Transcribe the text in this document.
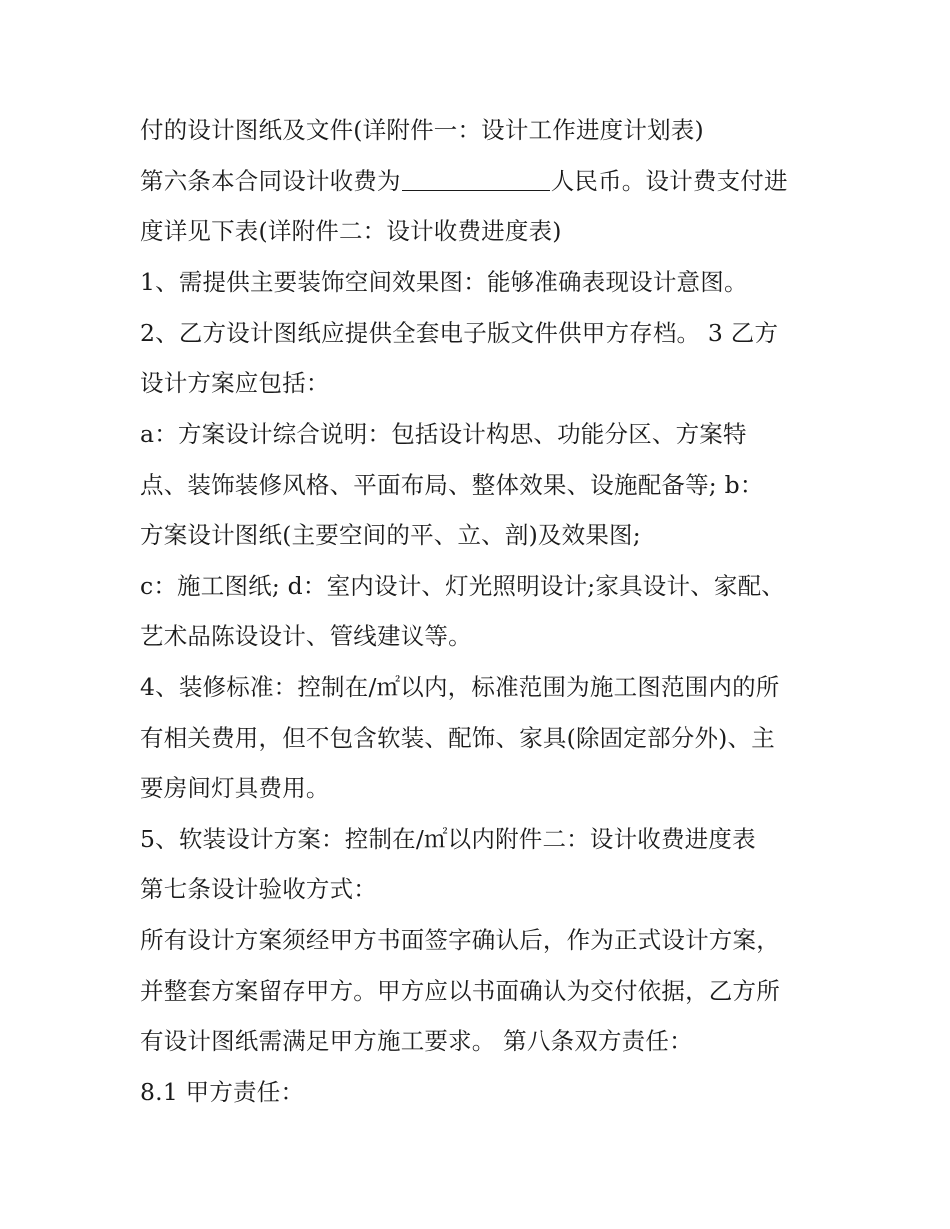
付的设计图纸及文件(详附件一：设计工作进度计划表)
第六条本合同设计收费为	人民币。设计费支付进
度详见下表(详附件二：设计收费进度表)
1、需提供主要装饰空间效果图：能够准确表现设计意图。
2、乙方设计图纸应提供全套电子版文件供甲方存档。 3 乙方
设计方案应包括：
a：方案设计综合说明：包括设计构思、功能分区、方案特
点、装饰装修风格、平面布局、整体效果、设施配备等; b：
方案设计图纸(主要空间的平、立、剖)及效果图;
c：施工图纸; d：室内设计、灯光照明设计;家具设计、家配、
艺术品陈设设计、管线建议等。
4、装修标准：控制在/㎡以内，标准范围为施工图范围内的所
有相关费用，但不包含软装、配饰、家具(除固定部分外)、主
要房间灯具费用。
5、软装设计方案：控制在/㎡以内附件二：设计收费进度表
第七条设计验收方式：
所有设计方案须经甲方书面签字确认后，作为正式设计方案，
并整套方案留存甲方。甲方应以书面确认为交付依据，乙方所
有设计图纸需满足甲方施工要求。 第八条双方责任：
8.1 甲方责任：
